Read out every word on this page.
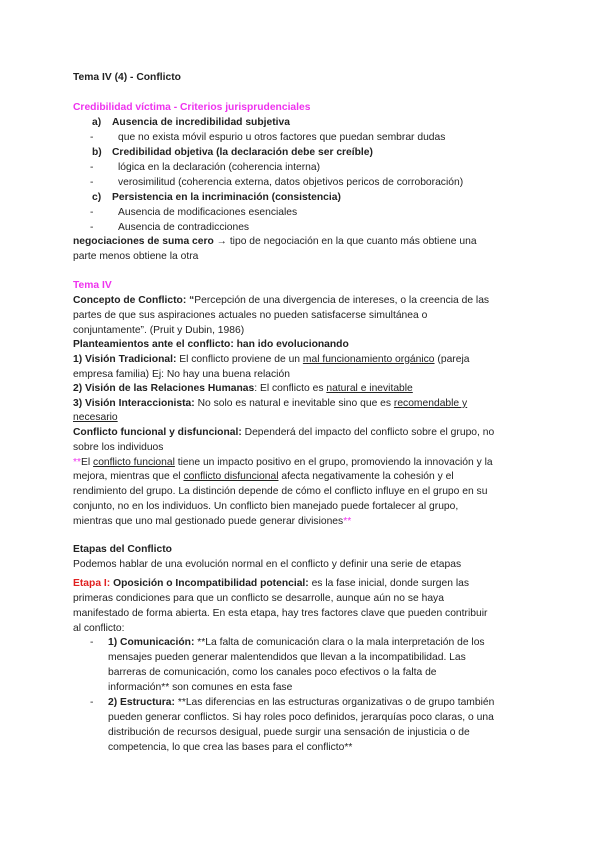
Tema IV (4) - Conflicto
Credibilidad víctima - Criterios jurisprudenciales
a) Ausencia de incredibilidad subjetiva
- que no exista móvil espurio u otros factores que puedan sembrar dudas
b) Credibilidad objetiva (la declaración debe ser creíble)
- lógica en la declaración (coherencia interna)
- verosimilitud (coherencia externa, datos objetivos pericos de corroboración)
c) Persistencia en la incriminación (consistencia)
- Ausencia de modificaciones esenciales
- Ausencia de contradicciones
negociaciones de suma cero → tipo de negociación en la que cuanto más obtiene una
parte menos obtiene la otra
Tema IV
Concepto de Conflicto: “Percepción de una divergencia de intereses, o la creencia de las
partes de que sus aspiraciones actuales no pueden satisfacerse simultánea o
conjuntamente”. (Pruit y Dubin, 1986)
Planteamientos ante el conflicto: han ido evolucionando
1) Visión Tradicional: El conflicto proviene de un mal funcionamiento orgánico (pareja
empresa familia) Ej: No hay una buena relación
2) Visión de las Relaciones Humanas: El conflicto es natural e inevitable
3) Visión Interaccionista: No solo es natural e inevitable sino que es recomendable y
necesario
Conflicto funcional y disfuncional: Dependerá del impacto del conflicto sobre el grupo, no
sobre los individuos
**El conflicto funcional tiene un impacto positivo en el grupo, promoviendo la innovación y la
mejora, mientras que el conflicto disfuncional afecta negativamente la cohesión y el
rendimiento del grupo. La distinción depende de cómo el conflicto influye en el grupo en su
conjunto, no en los individuos. Un conflicto bien manejado puede fortalecer al grupo,
mientras que uno mal gestionado puede generar divisiones**
Etapas del Conflicto
Podemos hablar de una evolución normal en el conflicto y definir una serie de etapas
Etapa I: Oposición o Incompatibilidad potencial: es la fase inicial, donde surgen las
primeras condiciones para que un conflicto se desarrolle, aunque aún no se haya
manifestado de forma abierta. En esta etapa, hay tres factores clave que pueden contribuir
al conflicto:
- 1) Comunicación: **La falta de comunicación clara o la mala interpretación de los
mensajes pueden generar malentendidos que llevan a la incompatibilidad. Las
barreras de comunicación, como los canales poco efectivos o la falta de
información** son comunes en esta fase
- 2) Estructura: **Las diferencias en las estructuras organizativas o de grupo también
pueden generar conflictos. Si hay roles poco definidos, jerarquías poco claras, o una
distribución de recursos desigual, puede surgir una sensación de injusticia o de
competencia, lo que crea las bases para el conflicto**
